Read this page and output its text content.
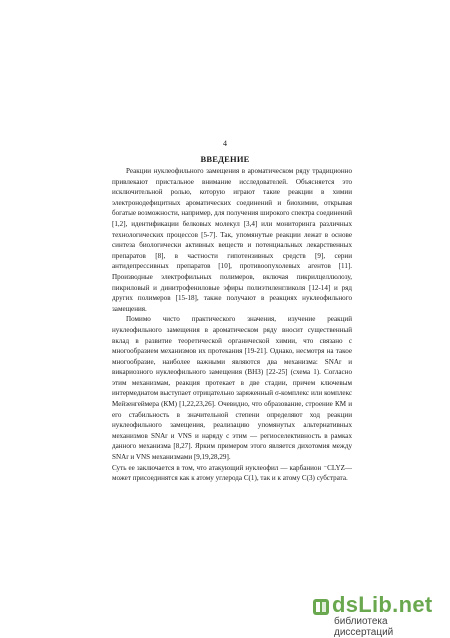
4
ВВЕДЕНИЕ

Реакции нуклеофильного замещения в ароматическом ряду традиционно привлекают пристальное внимание исследователей. Объясняется это исключительной ролью, которую играют такие реакции в химии электронодефицитных ароматических соединений и биохимии, открывая богатые возможности, например, для получения широкого спектра соединений [1,2], идентификации белковых молекул [3,4] или мониторинга различных технологических процессов [5-7]. Так, упомянутые реакции лежат в основе синтеза биологически активных веществ и потенциальных лекарственных препаратов [8], в частности гипотензивных средств [9], серии антидепрессивных препаратов [10], противоопухолевых агентов [11]. Производные электрофильных полимеров, включая пикрилцеллюлозу, пикриловый и динитрофениловые эфиры полиэтиленгликоля [12-14] и ряд других полимеров [15-18], также получают в реакциях нуклеофильного замещения.

Помимо чисто практического значения, изучение реакций нуклеофильного замещения в ароматическом ряду вносит существенный вклад в развитие теоретической органической химии, что связано с многообразием механизмов их протекания [19-21]. Однако, несмотря на такое многообразие, наиболее важными являются два механизма: SNAr и викариозного нуклеофильного замещения (ВНЗ) [22-25] (схема 1). Согласно этим механизмам, реакция протекает в две стадии, причем ключевым интермедиатом выступает отрицательно заряженный σ-комплекс или комплекс Мейзенгеймера (КМ) [1,22,23,26]. Очевидно, что образование, строение КМ и его стабильность в значительной степени определяют ход реакции нуклеофильного замещения, реализацию упомянутых альтернативных механизмов SNAr и VNS и наряду с этим — региоселективность в рамках данного механизма [8,27]. Ярким примером этого является дихотомия между SNAr и VNS механизмами [9,19,28,29].

Суть ее заключается в том, что атакующий нуклеофил — карбанион ⁻CLYZ— может присоединятся как к атому углерода C(1), так и к атому C(3) субстрата.

dsLib.net
библиотека диссертаций
